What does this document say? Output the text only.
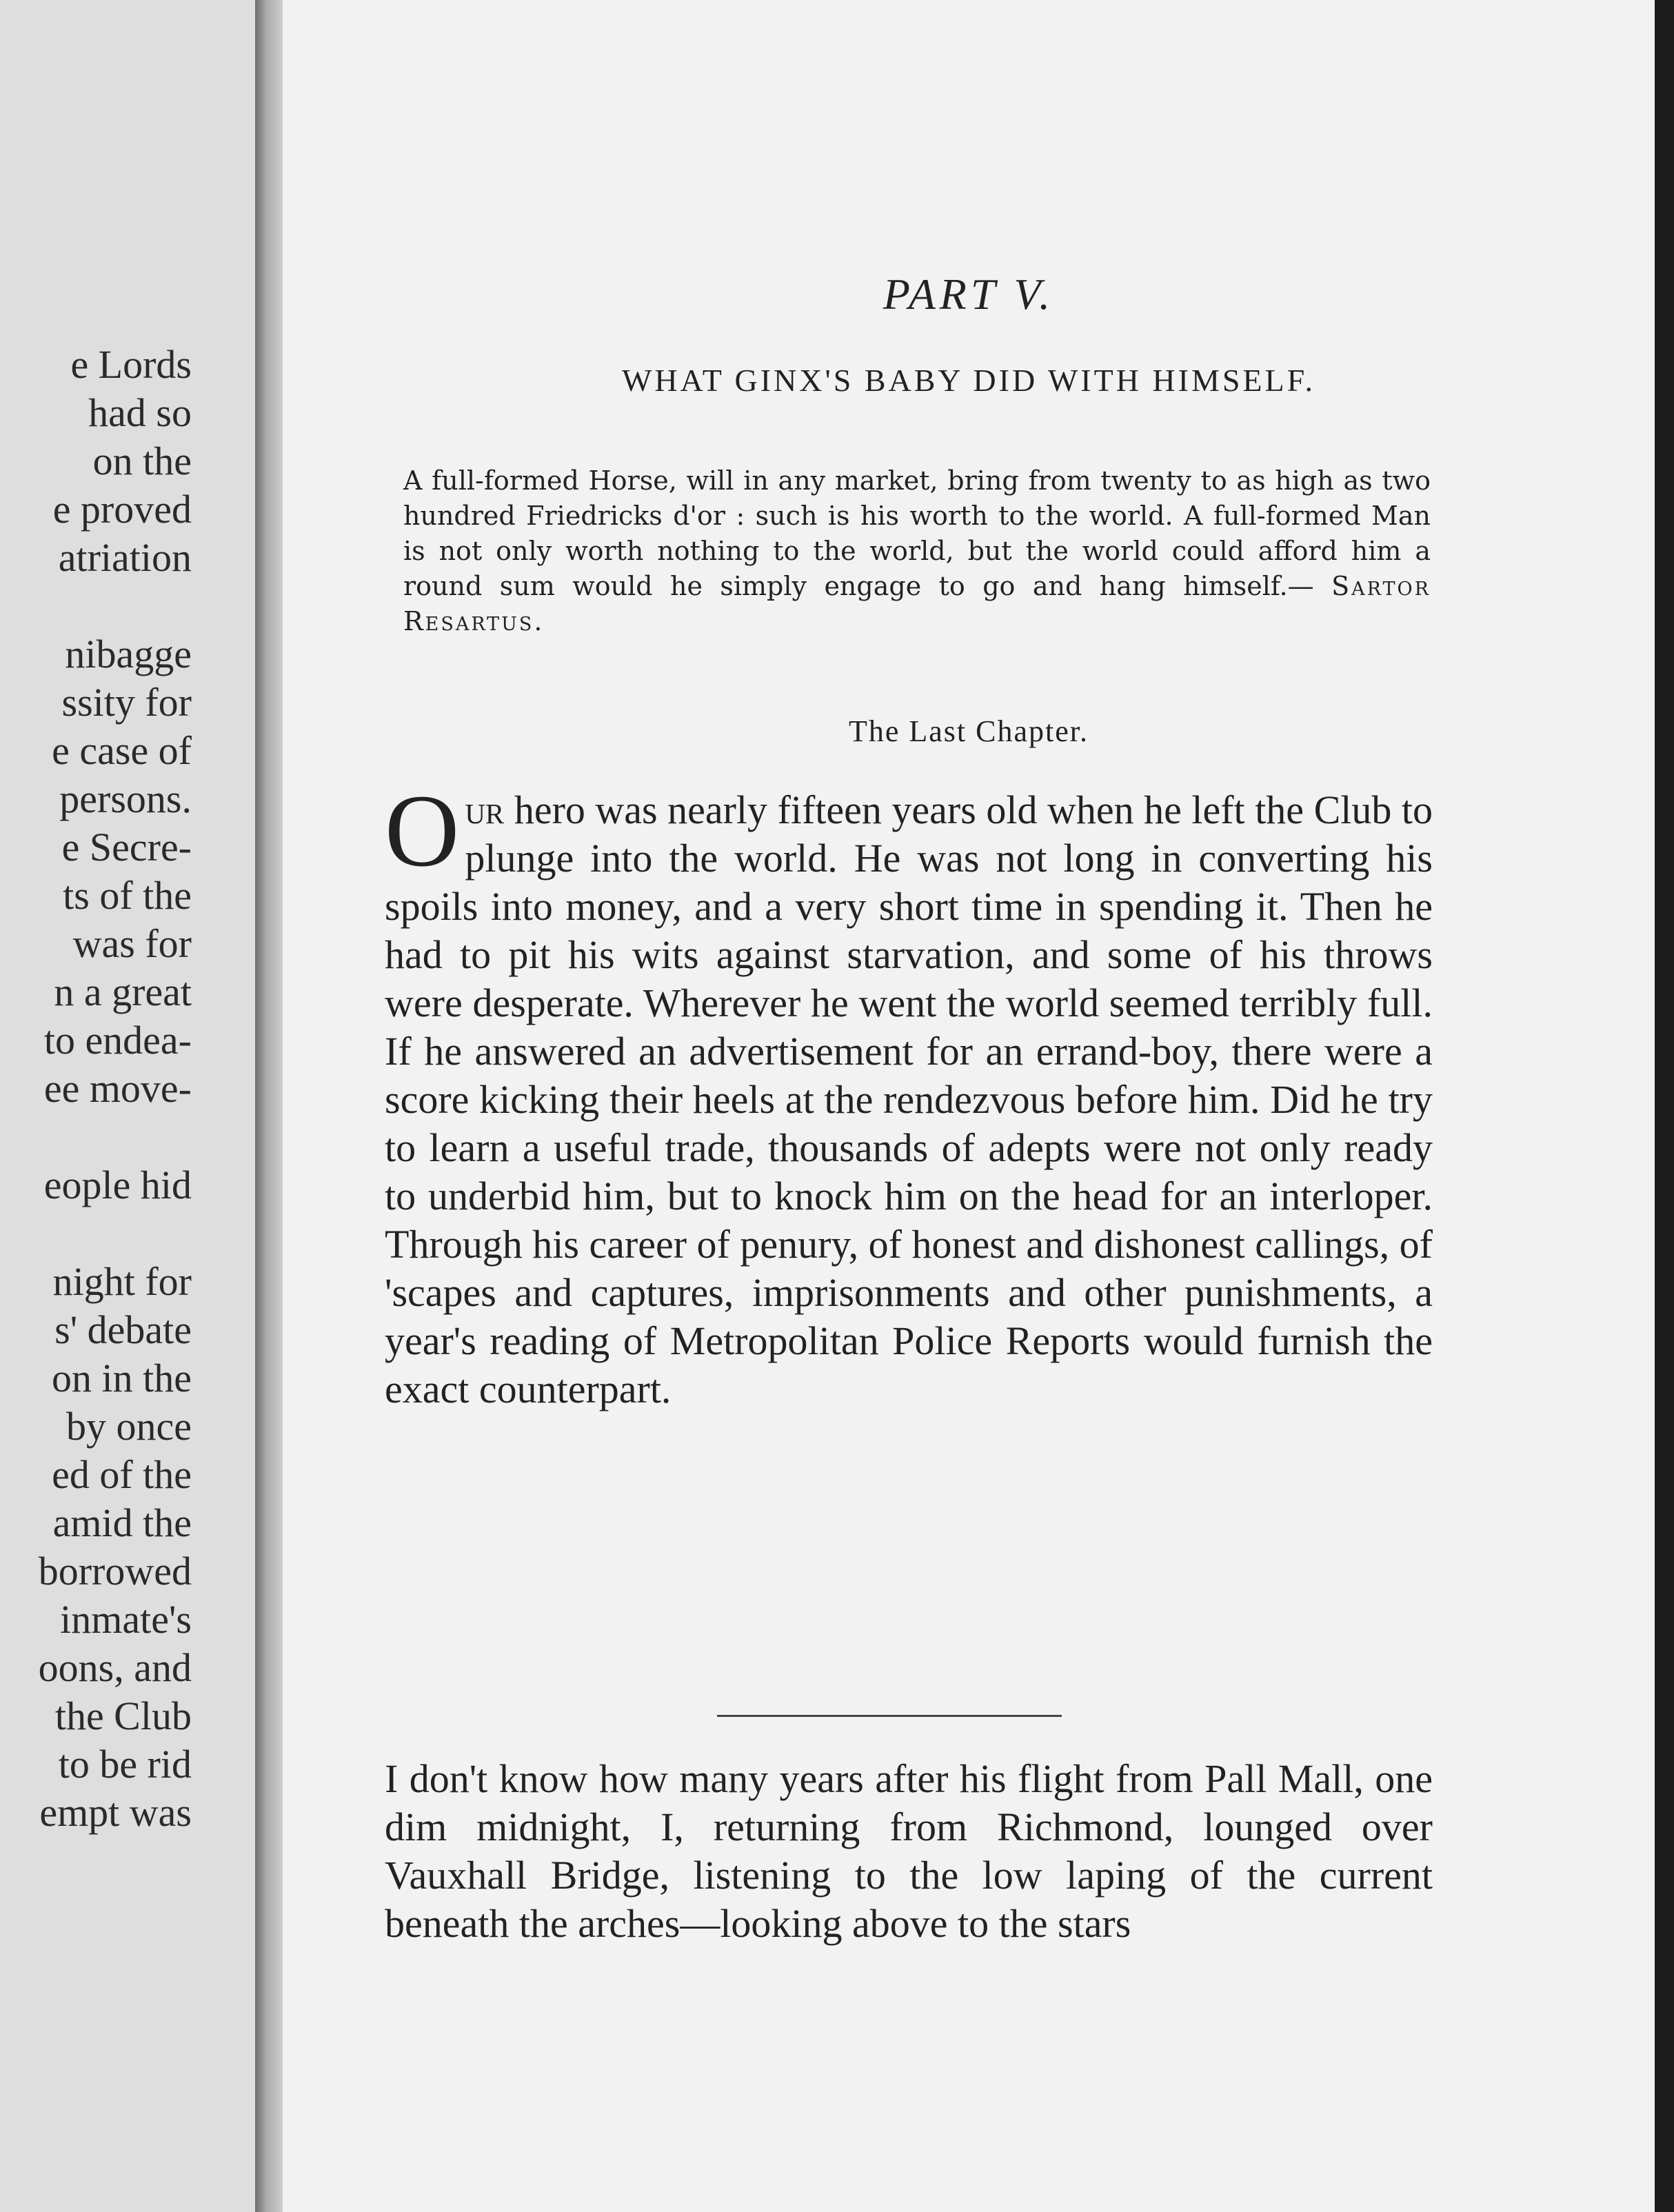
e Lords
had so
on the
e proved
atriation
nibagge
ssity for
e case of
persons.
e Secre-
ts of the
was for
n a great
to endea-
ee move-
eople hid
night for
s' debate
on in the
by once
ed of the
amid the
borrowed
inmate's
oons, and
the Club
to be rid
empt was
PART V.
WHAT GINX'S BABY DID WITH HIMSELF.
A full-formed Horse, will in any market, bring from twenty to as high as two hundred Friedricks d'or : such is his worth to the world. A full-formed Man is not only worth nothing to the world, but the world could afford him a round sum would he simply engage to go and hang himself.— Sartor Resartus.
The Last Chapter.
O ur hero was nearly fifteen years old when he left the Club to plunge into the world. He was not long in converting his spoils into money, and a very short time in spending it. Then he had to pit his wits against starvation, and some of his throws were desperate. Wherever he went the world seemed terribly full. If he answered an advertisement for an errand-boy, there were a score kicking their heels at the rendezvous before him. Did he try to learn a useful trade, thousands of adepts were not only ready to underbid him, but to knock him on the head for an interloper. Through his career of penury, of honest and dishonest callings, of 'scapes and captures, imprisonments and other punishments, a year's reading of Metropolitan Police Reports would furnish the exact counterpart.
I don't know how many years after his flight from Pall Mall, one dim midnight, I, returning from Richmond, lounged over Vauxhall Bridge, listening to the low laping of the current beneath the arches—looking above to the stars
